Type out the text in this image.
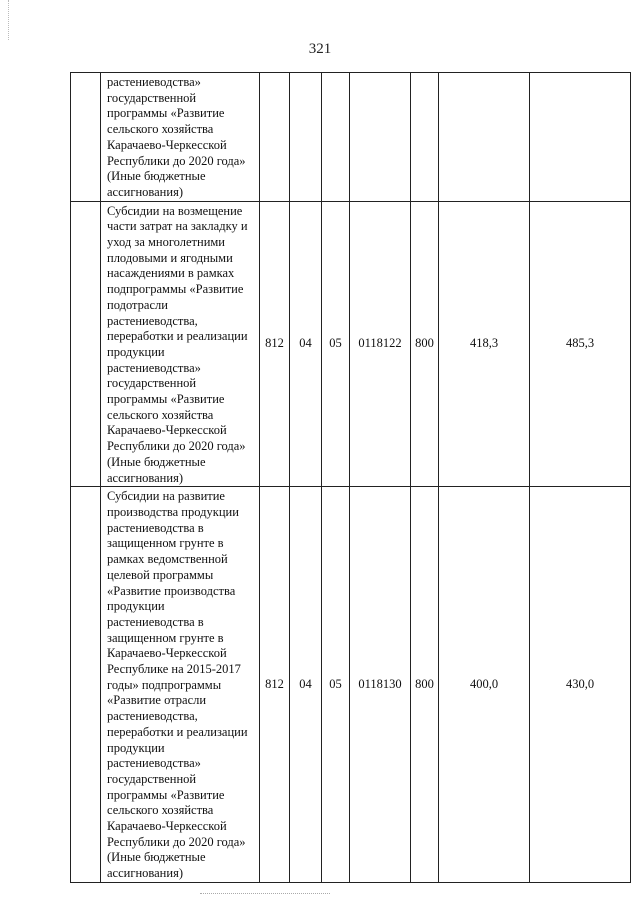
321
	растениеводства» государственной программы «Развитие сельского хозяйства Карачаево-Черкесской Республики до 2020 года» (Иные бюджетные ассигнования)							
	Субсидии на возмещение части затрат на закладку и уход за многолетними плодовыми и ягодными насаждениями в рамках подпрограммы «Развитие подотрасли растениеводства, переработки и реализации продукции растениеводства» государственной программы «Развитие сельского хозяйства Карачаево-Черкесской Республики до 2020 года» (Иные бюджетные ассигнования)	812	04	05	0118122	800	418,3	485,3
	Субсидии на развитие производства продукции растениеводства в защищенном грунте в рамках ведомственной целевой программы «Развитие производства продукции растениеводства в защищенном грунте в Карачаево-Черкесской Республике на 2015-2017 годы» подпрограммы «Развитие отрасли растениеводства, переработки и реализации продукции растениеводства» государственной программы «Развитие сельского хозяйства Карачаево-Черкесской Республики до 2020 года» (Иные бюджетные ассигнования)	812	04	05	0118130	800	400,0	430,0
